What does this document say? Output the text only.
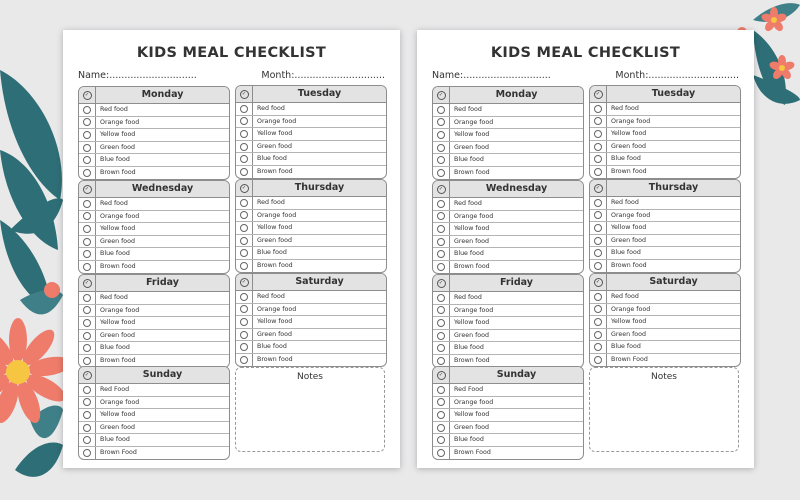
KIDS MEAL CHECKLIST
Name:.............................	Month:..............................
✓	Monday
Red food
Orange food
Yellow food
Green food
Blue food
Brown food
✓	Tuesday
Red food
Orange food
Yellow food
Green food
Blue food
Brown food
✓	Wednesday
Red food
Orange food
Yellow food
Green food
Blue food
Brown food
✓	Thursday
Red food
Orange food
Yellow food
Green food
Blue food
Brown food
✓	Friday
Red food
Orange food
Yellow food
Green food
Blue food
Brown food
✓	Saturday
Red food
Orange food
Yellow food
Green food
Blue food
Brown food
✓	Sunday
Red Food
Orange food
Yellow food
Green food
Blue food
Brown Food
Notes
KIDS MEAL CHECKLIST
Name:.............................	Month:..............................
✓	Monday
Red food
Orange food
Yellow food
Green food
Blue food
Brown food
✓	Tuesday
Red food
Orange food
Yellow food
Green food
Blue food
Brown food
✓	Wednesday
Red food
Orange food
Yellow food
Green food
Blue food
Brown food
✓	Thursday
Red food
Orange food
Yellow food
Green food
Blue food
Brown food
✓	Friday
Red food
Orange food
Yellow food
Green food
Blue food
Brown food
✓	Saturday
Red food
Orange food
Yellow food
Green food
Blue food
Brown Food
✓	Sunday
Red Food
Orange food
Yellow food
Green food
Blue food
Brown Food
Notes
